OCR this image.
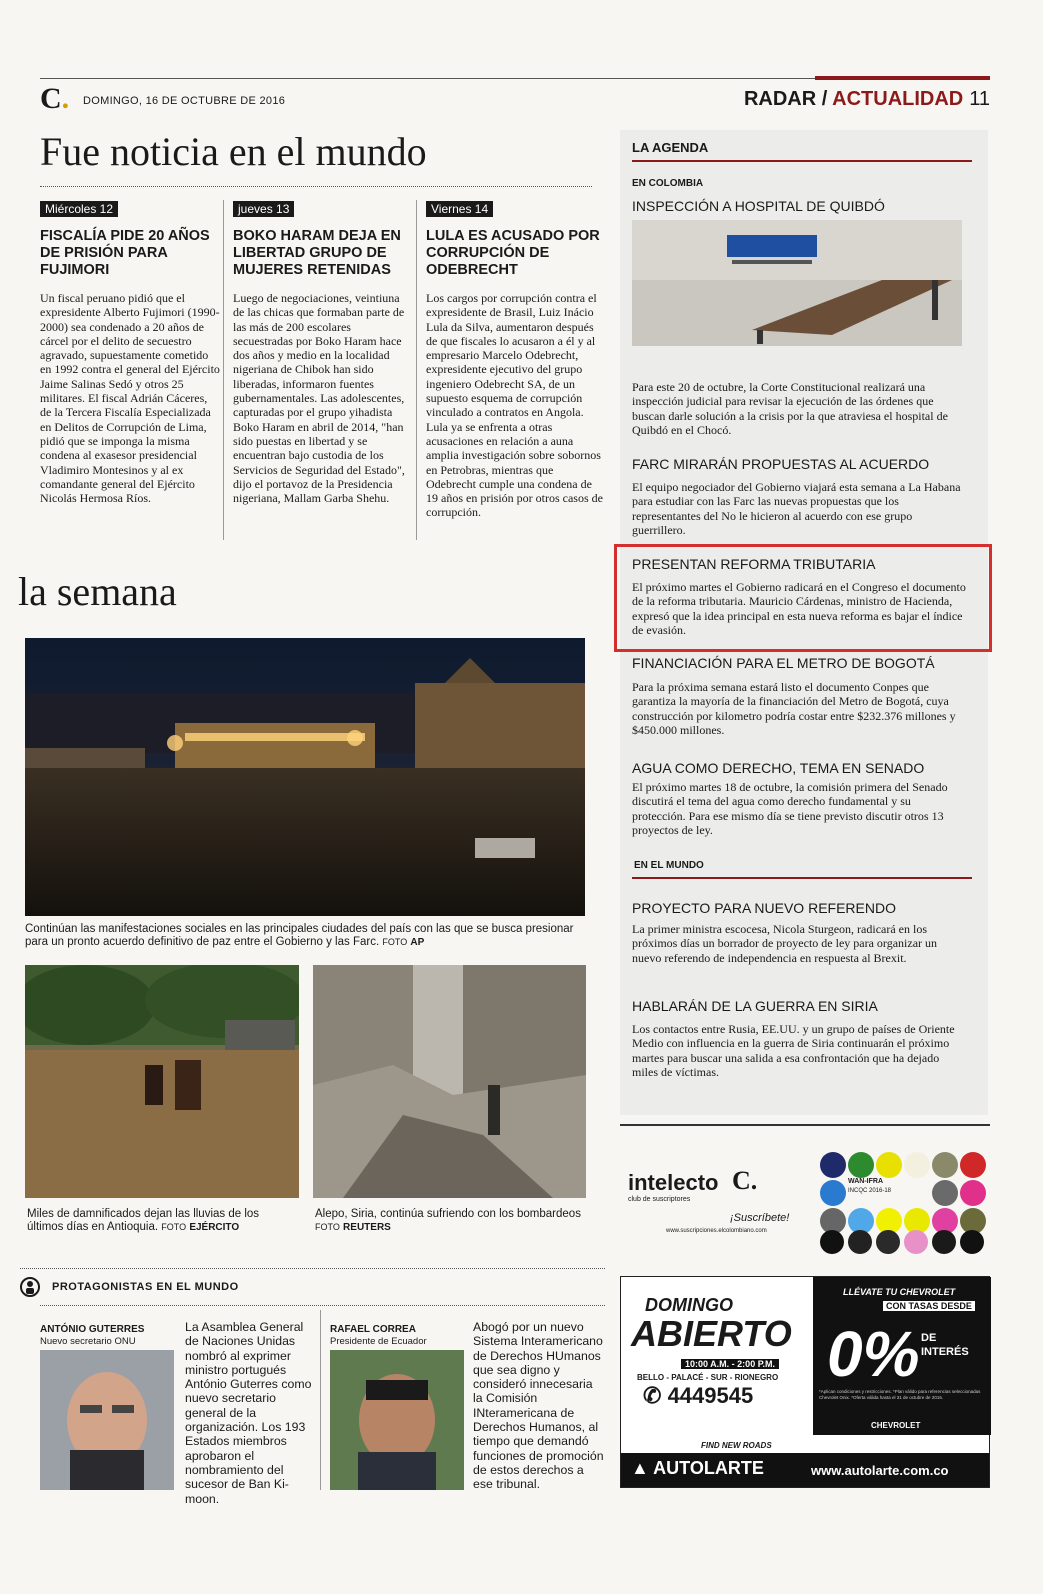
C. DOMINGO, 16 DE OCTUBRE DE 2016	RADAR / ACTUALIDAD 11
Fue noticia en el mundo
Miércoles 12
FISCALÍA PIDE 20 AÑOS DE PRISIÓN PARA FUJIMORI
Un fiscal peruano pidió que el expresidente Alberto Fujimori (1990-2000) sea condenado a 20 años de cárcel por el delito de secuestro agravado, supuestamente cometido en 1992 contra el general del Ejército Jaime Salinas Sedó y otros 25 militares. El fiscal Adrián Cáceres, de la Tercera Fiscalía Especializada en Delitos de Corrupción de Lima, pidió que se imponga la misma condena al exasesor presidencial Vladimiro Montesinos y al ex comandante general del Ejército Nicolás Hermosa Ríos.
jueves 13
BOKO HARAM DEJA EN LIBERTAD GRUPO DE MUJERES RETENIDAS
Luego de negociaciones, veintiuna de las chicas que formaban parte de las más de 200 escolares secuestradas por Boko Haram hace dos años y medio en la localidad nigeriana de Chibok han sido liberadas, informaron fuentes gubernamentales. Las adolescentes, capturadas por el grupo yihadista Boko Haram en abril de 2014, "han sido puestas en libertad y se encuentran bajo custodia de los Servicios de Seguridad del Estado", dijo el portavoz de la Presidencia nigeriana, Mallam Garba Shehu.
Viernes 14
LULA ES ACUSADO POR CORRUPCIÓN DE ODEBRECHT
Los cargos por corrupción contra el expresidente de Brasil, Luiz Inácio Lula da Silva, aumentaron después de que fiscales lo acusaron a él y al empresario Marcelo Odebrecht, expresidente ejecutivo del grupo ingeniero Odebrecht SA, de un supuesto esquema de corrupción vinculado a contratos en Angola. Lula ya se enfrenta a otras acusaciones en relación a auna amplia investigación sobre sobornos en Petrobras, mientras que Odebrecht cumple una condena de 19 años en prisión por otros casos de corrupción.
la semana
Continúan las manifestaciones sociales en las principales ciudades del país con las que se busca presionar para un pronto acuerdo definitivo de paz entre el Gobierno y las Farc. FOTO AP
Miles de damnificados dejan las lluvias de los últimos días en Antioquia. FOTO EJÉRCITO
Alepo, Siria, continúa sufriendo con los bombardeos FOTO REUTERS
LA AGENDA
EN COLOMBIA
INSPECCIÓN A HOSPITAL DE QUIBDÓ
Para este 20 de octubre, la Corte Constitucional realizará una inspección judicial para revisar la ejecución de las órdenes que buscan darle solución a la crisis por la que atraviesa el hospital de Quibdó en el Chocó.
FARC MIRARÁN PROPUESTAS AL ACUERDO
El equipo negociador del Gobierno viajará esta semana a La Habana para estudiar con las Farc las nuevas propuestas que los representantes del No le hicieron al acuerdo con ese grupo guerrillero.
PRESENTAN REFORMA TRIBUTARIA
El próximo martes el Gobierno radicará en el Congreso el documento de la reforma tributaria. Mauricio Cárdenas, ministro de Hacienda, expresó que la idea principal en esta nueva reforma es bajar el índice de evasión.
FINANCIACIÓN PARA EL METRO DE BOGOTÁ
Para la próxima semana estará listo el documento Conpes que garantiza la mayoría de la financiación del Metro de Bogotá, cuya construcción por kilometro podría costar entre $232.376 millones y $450.000 millones.
AGUA COMO DERECHO, TEMA EN SENADO
El próximo martes 18 de octubre, la comisión primera del Senado discutirá el tema del agua como derecho fundamental y su protección. Para ese mismo día se tiene previsto discutir otros 13 proyectos de ley.
EN EL MUNDO
PROYECTO PARA NUEVO REFERENDO
La primer ministra escocesa, Nicola Sturgeon, radicará en los próximos días un borrador de proyecto de ley para organizar un nuevo referendo de independencia en respuesta al Brexit.
HABLARÁN DE LA GUERRA EN SIRIA
Los contactos entre Rusia, EE.UU. y un grupo de países de Oriente Medio con influencia en la guerra de Siria continuarán el próximo martes para buscar una salida a esa confrontación que ha dejado miles de víctimas.
PROTAGONISTAS EN EL MUNDO
ANTÓNIO GUTERRES
Nuevo secretario ONU
La Asamblea General de Naciones Unidas nombró al exprimer ministro portugués António Guterres como nuevo secretario general de la organización. Los 193 Estados miembros aprobaron el nombramiento del sucesor de Ban Ki-moon.
RAFAEL CORREA
Presidente de Ecuador
Abogó por un nuevo Sistema Interamericano de Derechos HUmanos que sea digno y consideró innecesaria la Comisión INteramericana de Derechos Humanos, al tiempo que demandó funciones de promoción de estos derechos a ese tribunal.
intelecto C.
club de suscriptores
¡Suscríbete!
www.suscripciones.elcolombiano.com
WAN-IFRA
INCQC 2016-18
DOMINGO
ABIERTO
10:00 A.M. - 2:00 P.M.
BELLO - PALACÉ - SUR - RIONEGRO
✆ 4449545
LLÉVATE TU CHEVROLET
CON TASAS DESDE
0% DE INTERÉS
*Aplican condiciones y restricciones. *Plan válido para referencias seleccionadas Chevrolet Onix. *Oferta válida hasta el 31 de octubre de 2016.
CHEVROLET
FIND NEW ROADS
▲ AUTOLARTE	www.autolarte.com.co
